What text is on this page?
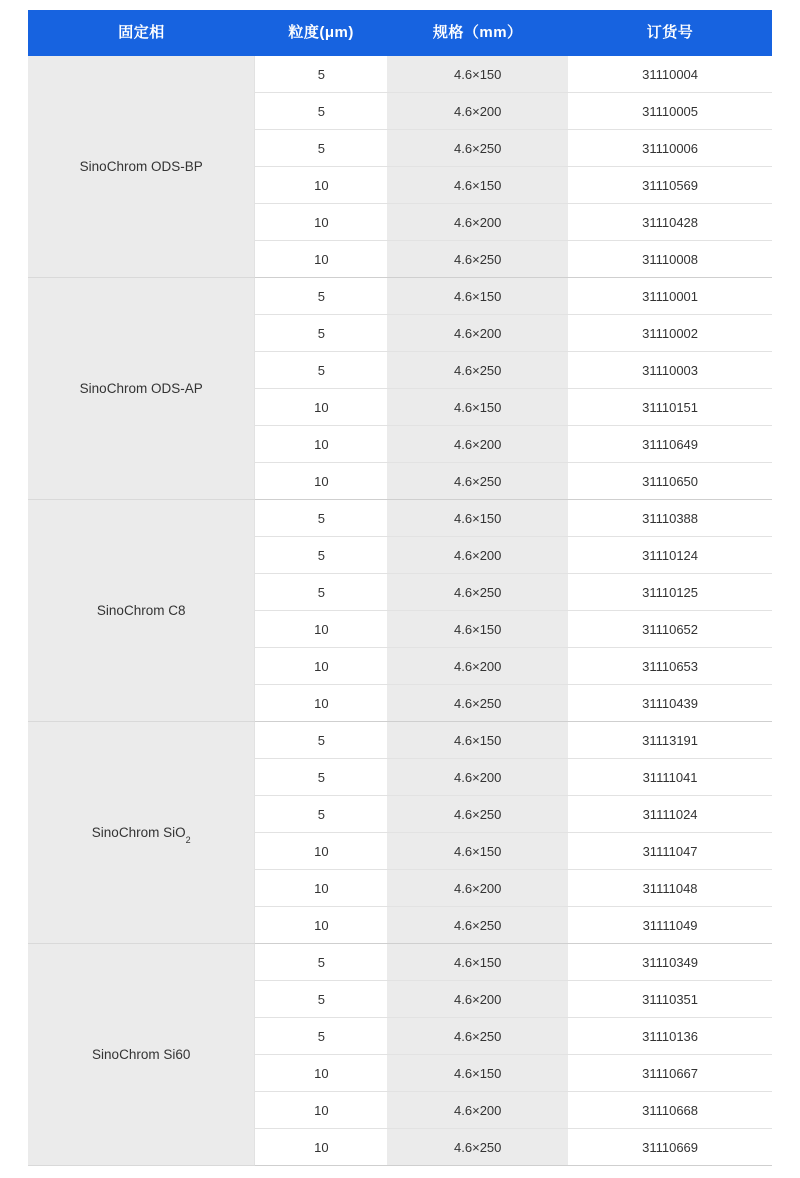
固定相	粒度(μm)	规格（mm）	订货号
SinoChrom ODS-BP	5	4.6×150	31110004
	5	4.6×200	31110005
	5	4.6×250	31110006
	10	4.6×150	31110569
	10	4.6×200	31110428
	10	4.6×250	31110008
SinoChrom ODS-AP	5	4.6×150	31110001
	5	4.6×200	31110002
	5	4.6×250	31110003
	10	4.6×150	31110151
	10	4.6×200	31110649
	10	4.6×250	31110650
SinoChrom C8	5	4.6×150	31110388
	5	4.6×200	31110124
	5	4.6×250	31110125
	10	4.6×150	31110652
	10	4.6×200	31110653
	10	4.6×250	31110439
SinoChrom SiO2	5	4.6×150	31113191
	5	4.6×200	31111041
	5	4.6×250	31111024
	10	4.6×150	31111047
	10	4.6×200	31111048
	10	4.6×250	31111049
SinoChrom Si60	5	4.6×150	31110349
	5	4.6×200	31110351
	5	4.6×250	31110136
	10	4.6×150	31110667
	10	4.6×200	31110668
	10	4.6×250	31110669
